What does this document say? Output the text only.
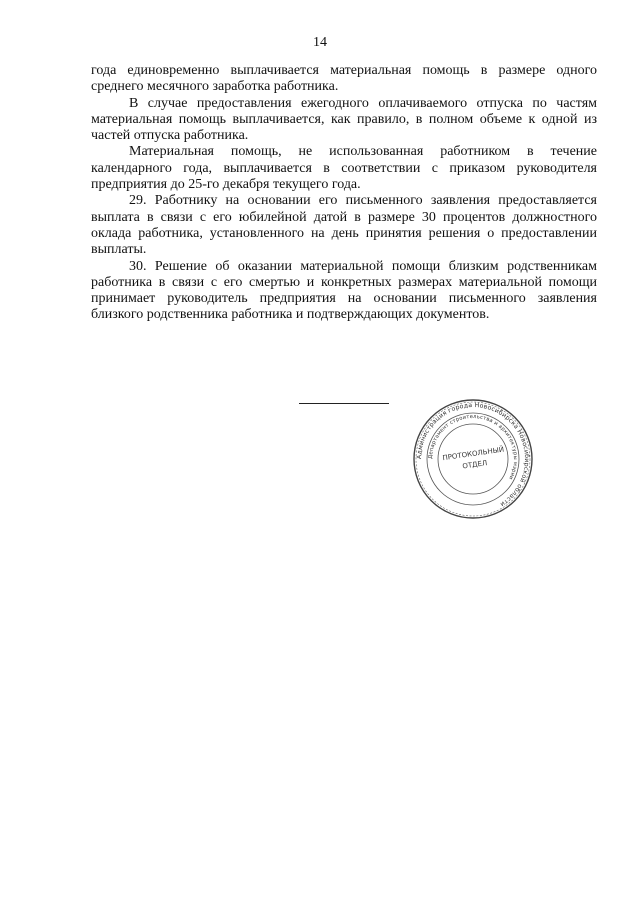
14

года единовременно выплачивается материальная помощь в размере одного среднего месячного заработка работника.

В случае предоставления ежегодного оплачиваемого отпуска по частям материальная помощь выплачивается, как правило, в полном объеме к одной из частей отпуска работника.

Материальная помощь, не использованная работником в течение календарного года, выплачивается в соответствии с приказом руководителя предприятия до 25-го декабря текущего года.

29. Работнику на основании его письменного заявления предоставляется выплата в связи с его юбилейной датой в размере 30 процентов должностного оклада работника, установленного на день принятия решения о предоставлении выплаты.

30. Решение об оказании материальной помощи близким родственникам работника в связи с его смертью и конкретных размерах материальной помощи принимает руководитель предприятия на основании письменного заявления близкого родственника работника и подтверждающих документов.

Администрация города Новосибирска Новосибирской области
Департамент строительства и архитектуры мэрии
ПРОТОКОЛЬНЫЙ
ОТДЕЛ
